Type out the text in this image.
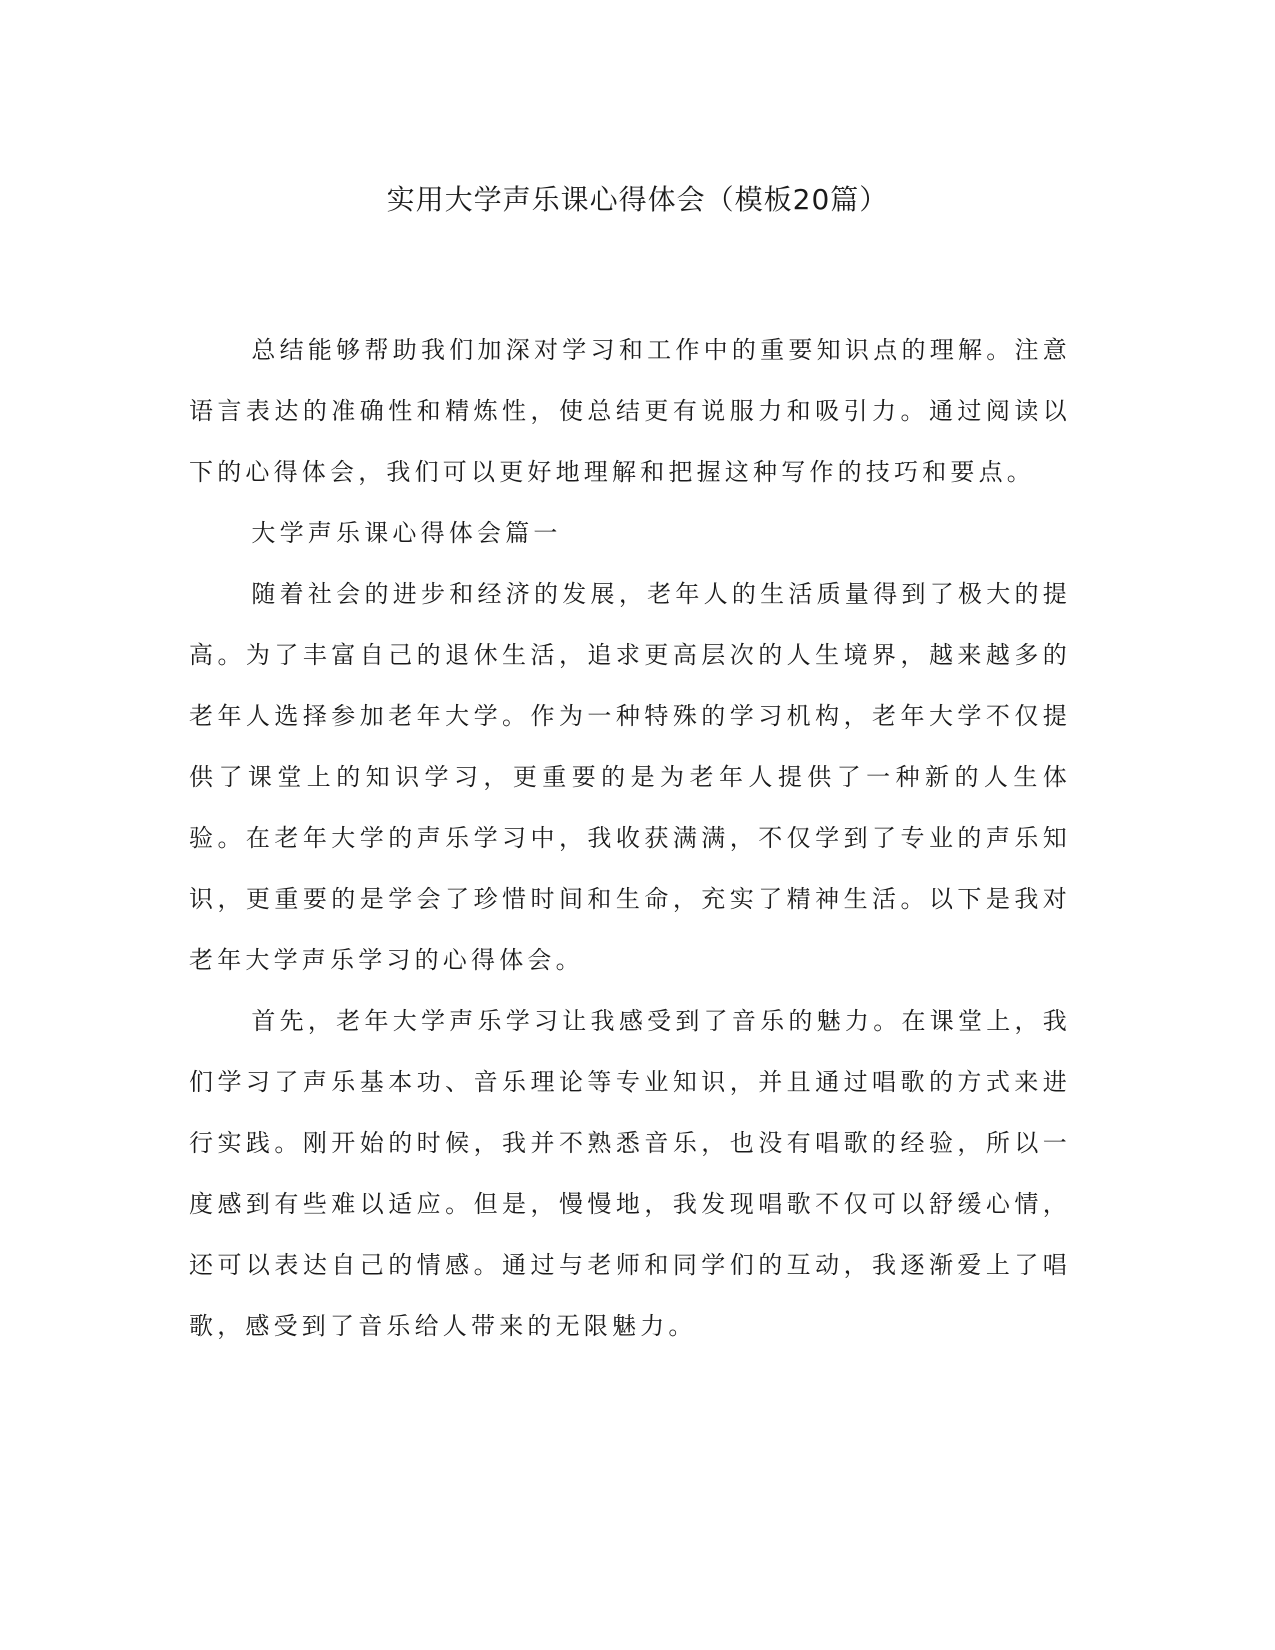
实用大学声乐课心得体会（模板20篇）

总结能够帮助我们加深对学习和工作中的重要知识点的理解。注意语言表达的准确性和精炼性，使总结更有说服力和吸引力。通过阅读以下的心得体会，我们可以更好地理解和把握这种写作的技巧和要点。

大学声乐课心得体会篇一

随着社会的进步和经济的发展，老年人的生活质量得到了极大的提高。为了丰富自己的退休生活，追求更高层次的人生境界，越来越多的老年人选择参加老年大学。作为一种特殊的学习机构，老年大学不仅提供了课堂上的知识学习，更重要的是为老年人提供了一种新的人生体验。在老年大学的声乐学习中，我收获满满，不仅学到了专业的声乐知识，更重要的是学会了珍惜时间和生命，充实了精神生活。以下是我对老年大学声乐学习的心得体会。

首先，老年大学声乐学习让我感受到了音乐的魅力。在课堂上，我们学习了声乐基本功、音乐理论等专业知识，并且通过唱歌的方式来进行实践。刚开始的时候，我并不熟悉音乐，也没有唱歌的经验，所以一度感到有些难以适应。但是，慢慢地，我发现唱歌不仅可以舒缓心情，还可以表达自己的情感。通过与老师和同学们的互动，我逐渐爱上了唱歌，感受到了音乐给人带来的无限魅力。
